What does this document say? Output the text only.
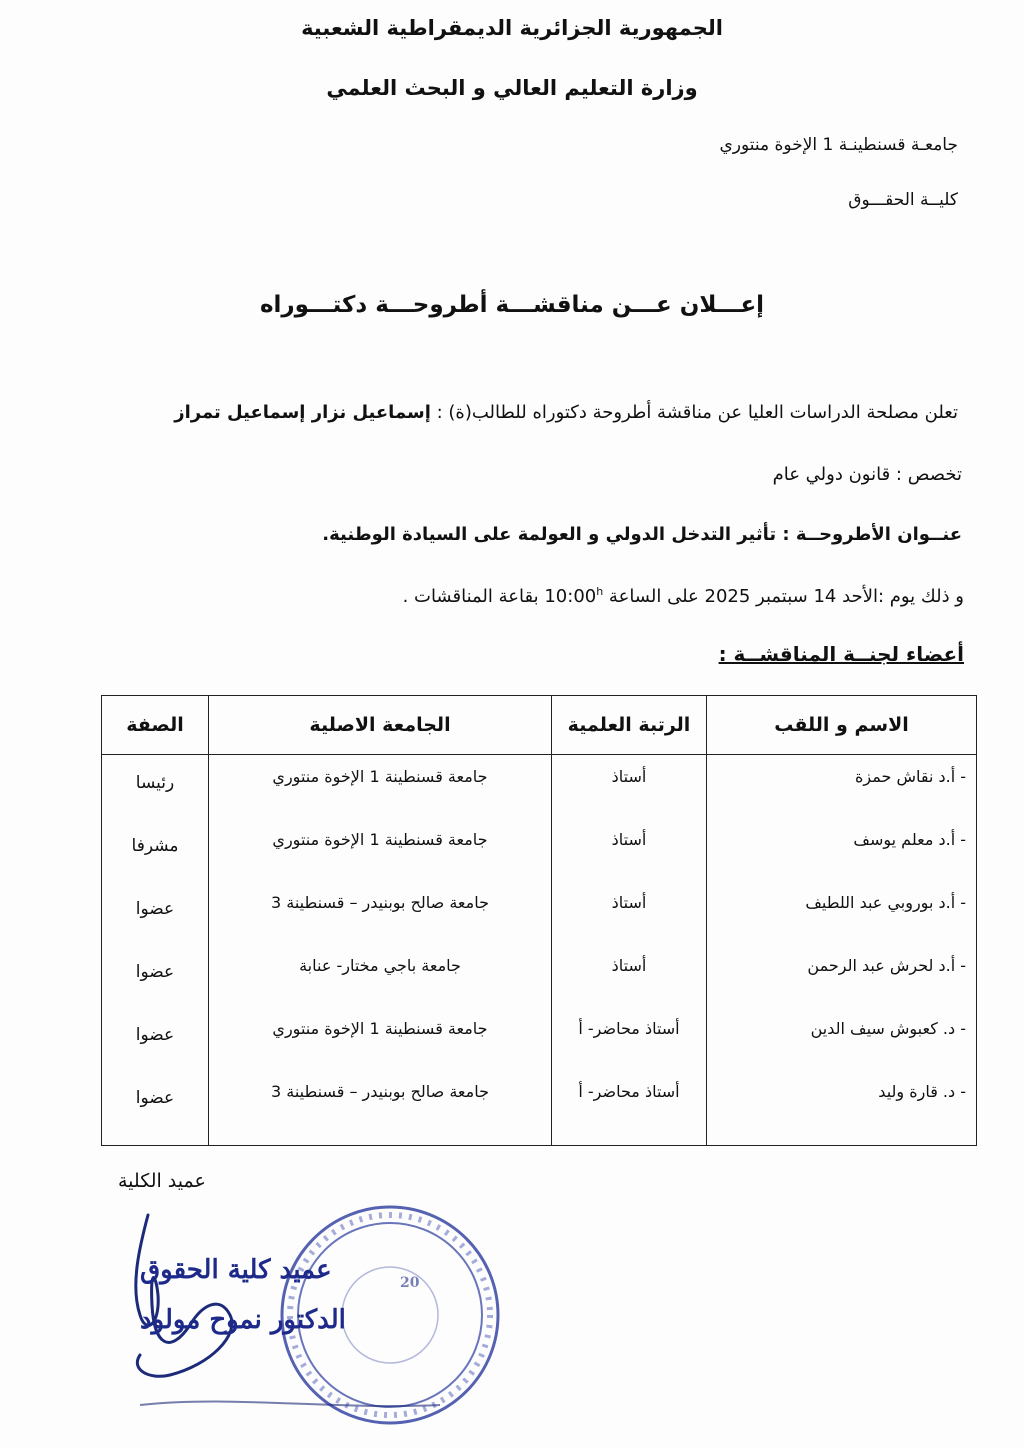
الجمهورية الجزائرية الديمقراطية الشعبية
وزارة التعليم العالي و البحث العلمي
جامعـة قسنطينـة 1 الإخوة منتوري
كليــة الحقـــوق
إعـــلان عـــن مناقشـــة أطروحـــة دكتـــوراه
تعلن مصلحة الدراسات العليا عن مناقشة أطروحة دكتوراه للطالب(ة) : إسماعيل نزار إسماعيل تمراز
تخصص : قانون دولي عام
عنــوان الأطروحــة : تأثير التدخل الدولي و العولمة على السيادة الوطنية.
و ذلك يوم :الأحد 14 سبتمبر 2025 على الساعة 10:00$^h$ بقاعة المناقشات .
أعضاء لجنــة المناقشــة :
الاسم و اللقب	الرتبة العلمية	الجامعة الاصلية	الصفة
- أ.د نقاش حمزة	أستاذ	جامعة قسنطينة 1 الإخوة منتوري	رئيسا
- أ.د معلم يوسف	أستاذ	جامعة قسنطينة 1 الإخوة منتوري	مشرفا
- أ.د بوروبي عبد اللطيف	أستاذ	جامعة صالح بوبنيدر – قسنطينة 3	عضوا
- أ.د لحرش عبد الرحمن	أستاذ	جامعة باجي مختار- عنابة	عضوا
- د. كعبوش سيف الدين	أستاذ محاضر- أ	جامعة قسنطينة 1 الإخوة منتوري	عضوا
- د. قارة وليد	أستاذ محاضر- أ	جامعة صالح بوبنيدر – قسنطينة 3	عضوا
عميد الكلية
عميد كلية الحقوق
الدكتور نموح مولود
20
